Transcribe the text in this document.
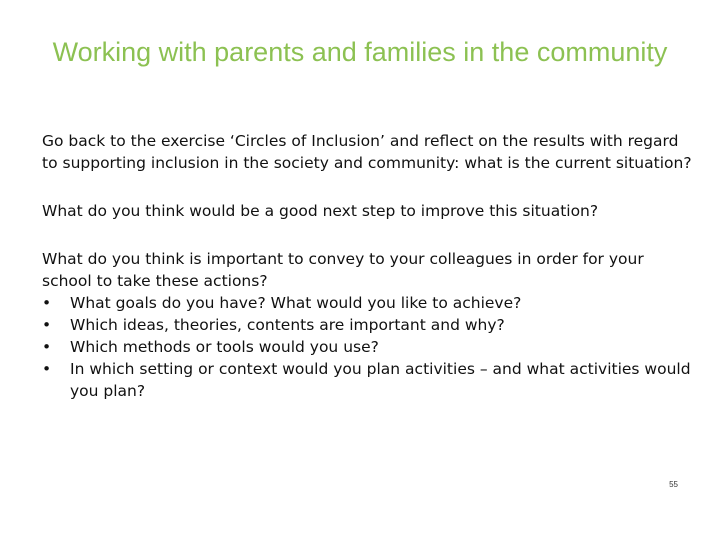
Working with parents and families in the community

Go back to the exercise ‘Circles of Inclusion’ and reflect on the results with regard to supporting inclusion in the society and community: what is the current situation?

What do you think would be a good next step to improve this situation?

What do you think is important to convey to your colleagues in order for your school to take these actions?

• What goals do you have? What would you like to achieve?
• Which ideas, theories, contents are important and why?
• Which methods or tools would you use?
• In which setting or context would you plan activities – and what activities would you plan?
55
